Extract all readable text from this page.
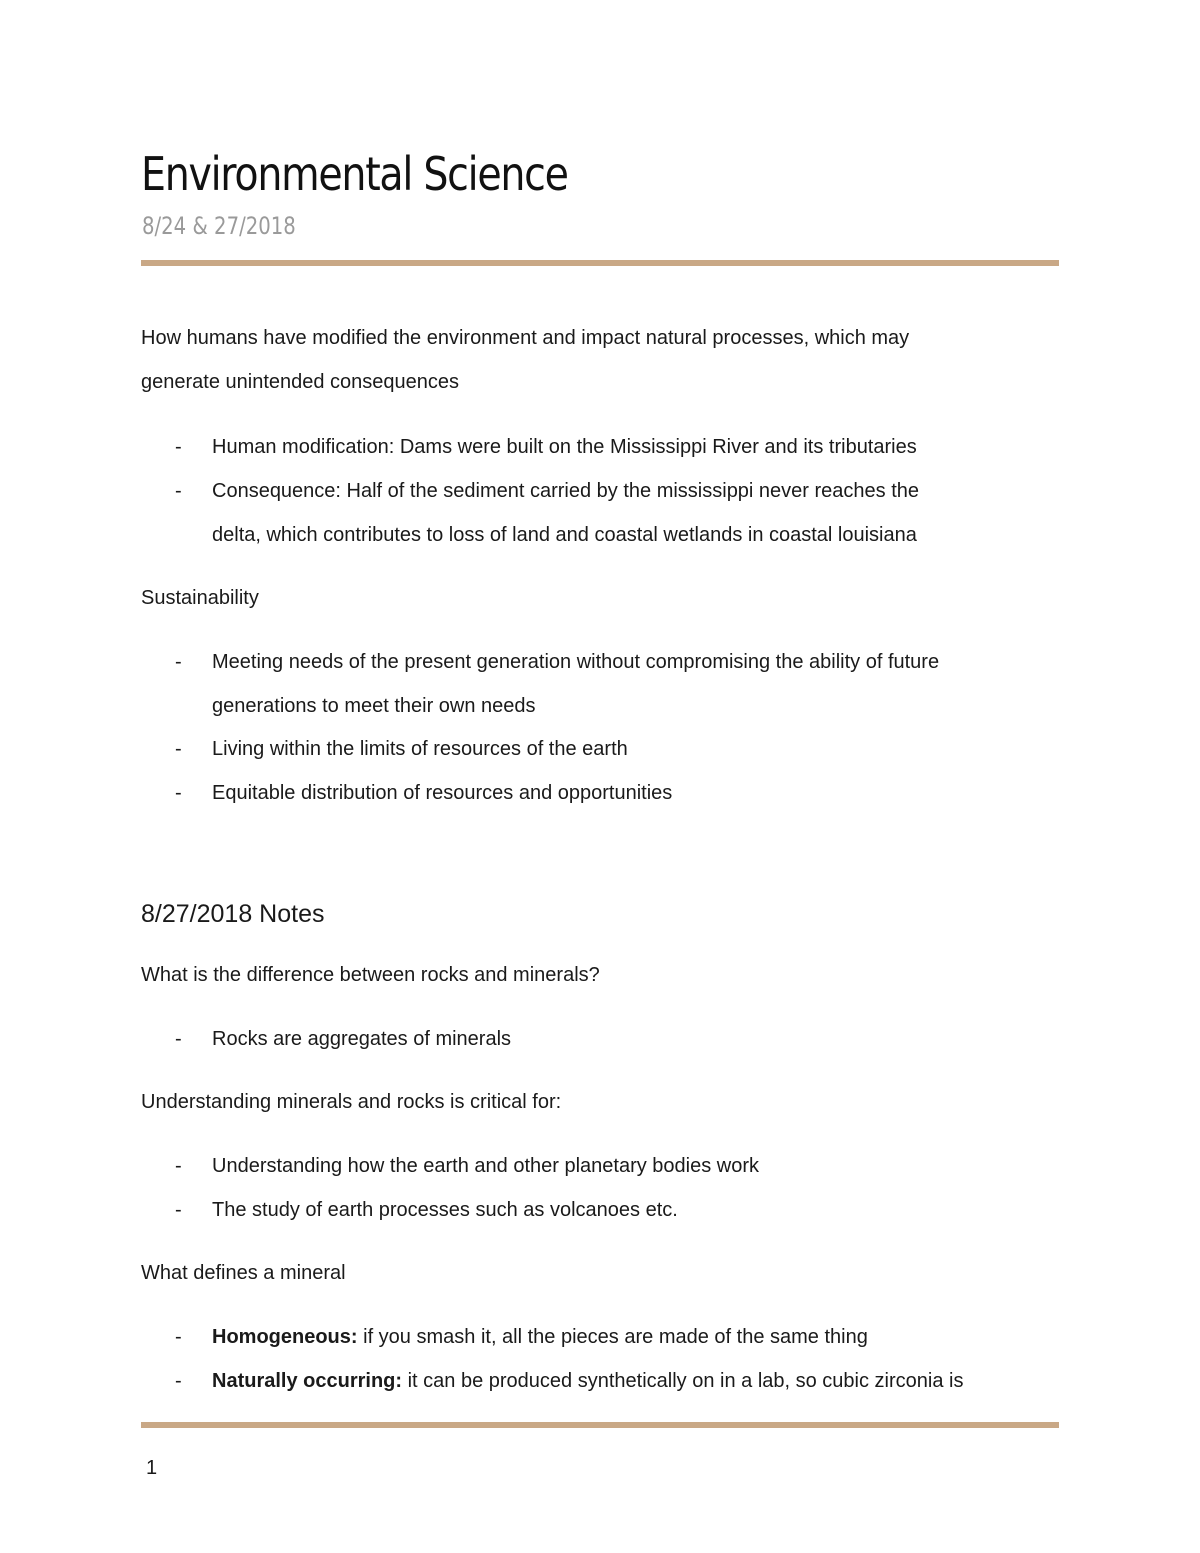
Environmental Science
8/24 & 27/2018

How humans have modified the environment and impact natural processes, which may

generate unintended consequences

- Human modification: Dams were built on the Mississippi River and its tributaries
- Consequence: Half of the sediment carried by the mississippi never reaches the
delta, which contributes to loss of land and coastal wetlands in coastal louisiana

Sustainability

- Meeting needs of the present generation without compromising the ability of future
generations to meet their own needs
- Living within the limits of resources of the earth
- Equitable distribution of resources and opportunities
8/27/2018 Notes

What is the difference between rocks and minerals?

- Rocks are aggregates of minerals

Understanding minerals and rocks is critical for:

- Understanding how the earth and other planetary bodies work
- The study of earth processes such as volcanoes etc.

What defines a mineral

- Homogeneous: if you smash it, all the pieces are made of the same thing
- Naturally occurring: it can be produced synthetically on in a lab, so cubic zirconia is
1
